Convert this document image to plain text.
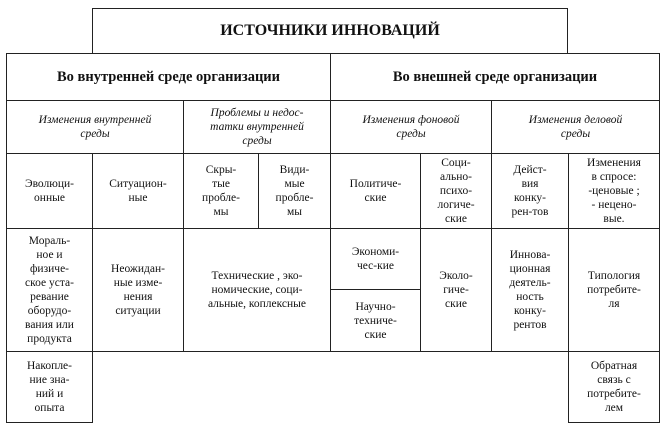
ИСТОЧНИКИ ИННОВАЦИЙ
Во внутренней среде организации	Во внешней среде организации
Изменения внутренней
среды
Проблемы и недос-
татки внутренней
среды
Изменения фоновой
среды
Изменения деловой
среды
Эволюци-
онные
Ситуацион-
ные
Скры-
тые
пробле-
мы
Види-
мые
пробле-
мы
Политиче-
ские
Соци-
ально-
психо-
логиче-
ские
Дейст-
вия
конку-
рен-тов
Изменения
в спросе:
-ценовые ;
- нецено-
вые.
Мораль-
ное и
физиче-
ское уста-
ревание
оборудо-
вания или
продукта
Неожидан-
ные изме-
нения
ситуации
Технические , эко-
номические, соци-
альные, коплексные
Экономи-
чес-кие
Научно-
техниче-
ские
Эколо-
гиче-
ские
Иннова-
ционная
деятель-
ность
конку-
рентов
Типология
потребите-
ля
Накопле-
ние зна-
ний и
опыта
Обратная
связь с
потребите-
лем
